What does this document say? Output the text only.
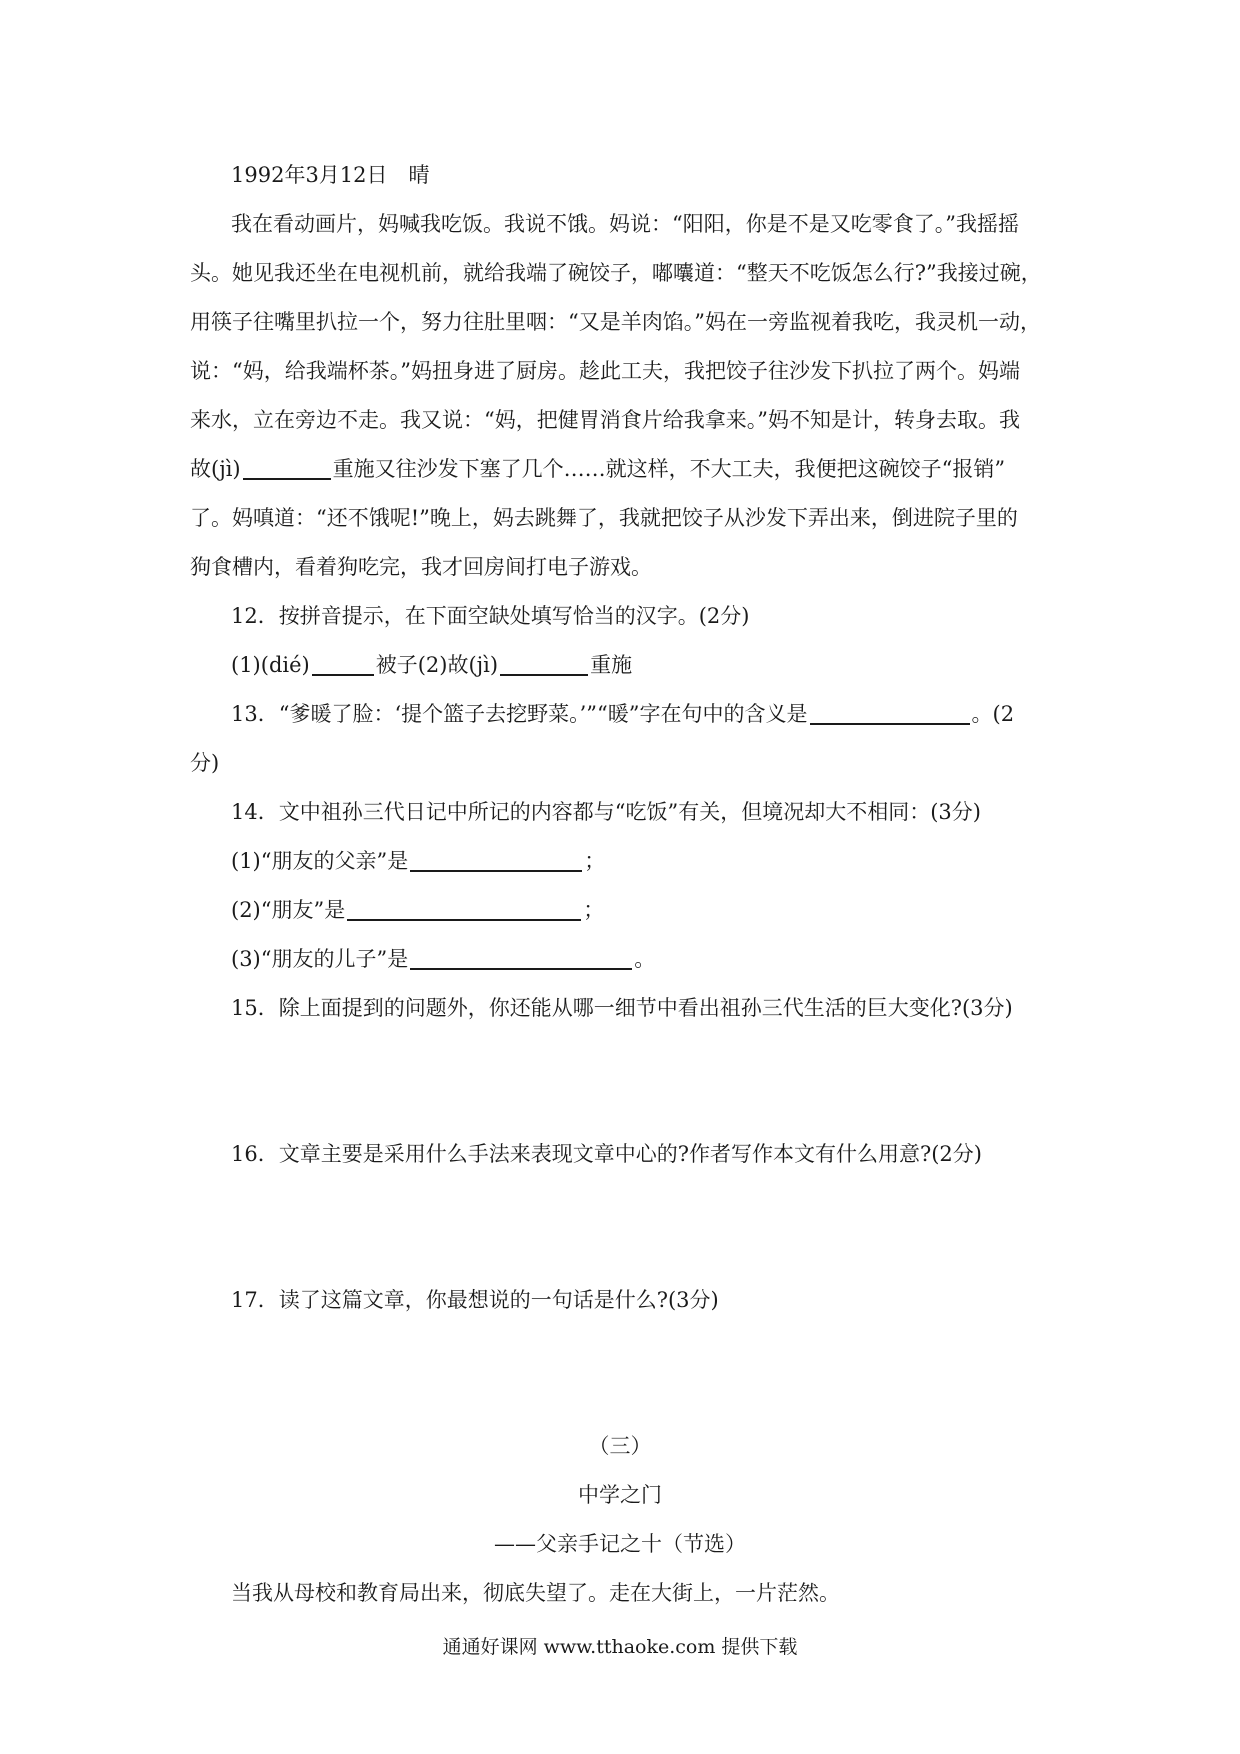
1992年3月12日　晴
我在看动画片，妈喊我吃饭。我说不饿。妈说：“阳阳，你是不是又吃零食了。”我摇摇
头。她见我还坐在电视机前，就给我端了碗饺子，嘟囔道：“整天不吃饭怎么行?”我接过碗，
用筷子往嘴里扒拉一个，努力往肚里咽：“又是羊肉馅。”妈在一旁监视着我吃，我灵机一动，
说：“妈，给我端杯茶。”妈扭身进了厨房。趁此工夫，我把饺子往沙发下扒拉了两个。妈端
来水，立在旁边不走。我又说：“妈，把健胃消食片给我拿来。”妈不知是计，转身去取。我
故(jì)	重施又往沙发下塞了几个……就这样，不大工夫，我便把这碗饺子“报销”
了。妈嗔道：“还不饿呢!”晚上，妈去跳舞了，我就把饺子从沙发下弄出来，倒进院子里的
狗食槽内，看着狗吃完，我才回房间打电子游戏。
12．按拼音提示，在下面空缺处填写恰当的汉字。(2分)
(1)(dié)	被子(2)故(jì)	重施
13．“爹暖了脸：‘提个篮子去挖野菜。’”“暖”字在句中的含义是	。(2
分)
14．文中祖孙三代日记中所记的内容都与“吃饭”有关，但境况却大不相同：(3分)
(1)“朋友的父亲”是	；
(2)“朋友”是	；
(3)“朋友的儿子”是	。
15．除上面提到的问题外，你还能从哪一细节中看出祖孙三代生活的巨大变化?(3分)
16．文章主要是采用什么手法来表现文章中心的?作者写作本文有什么用意?(2分)
17．读了这篇文章，你最想说的一句话是什么?(3分)
（三）
中学之门
——父亲手记之十（节选）
当我从母校和教育局出来，彻底失望了。走在大街上，一片茫然。
通通好课网 www.tthaoke.com 提供下载
